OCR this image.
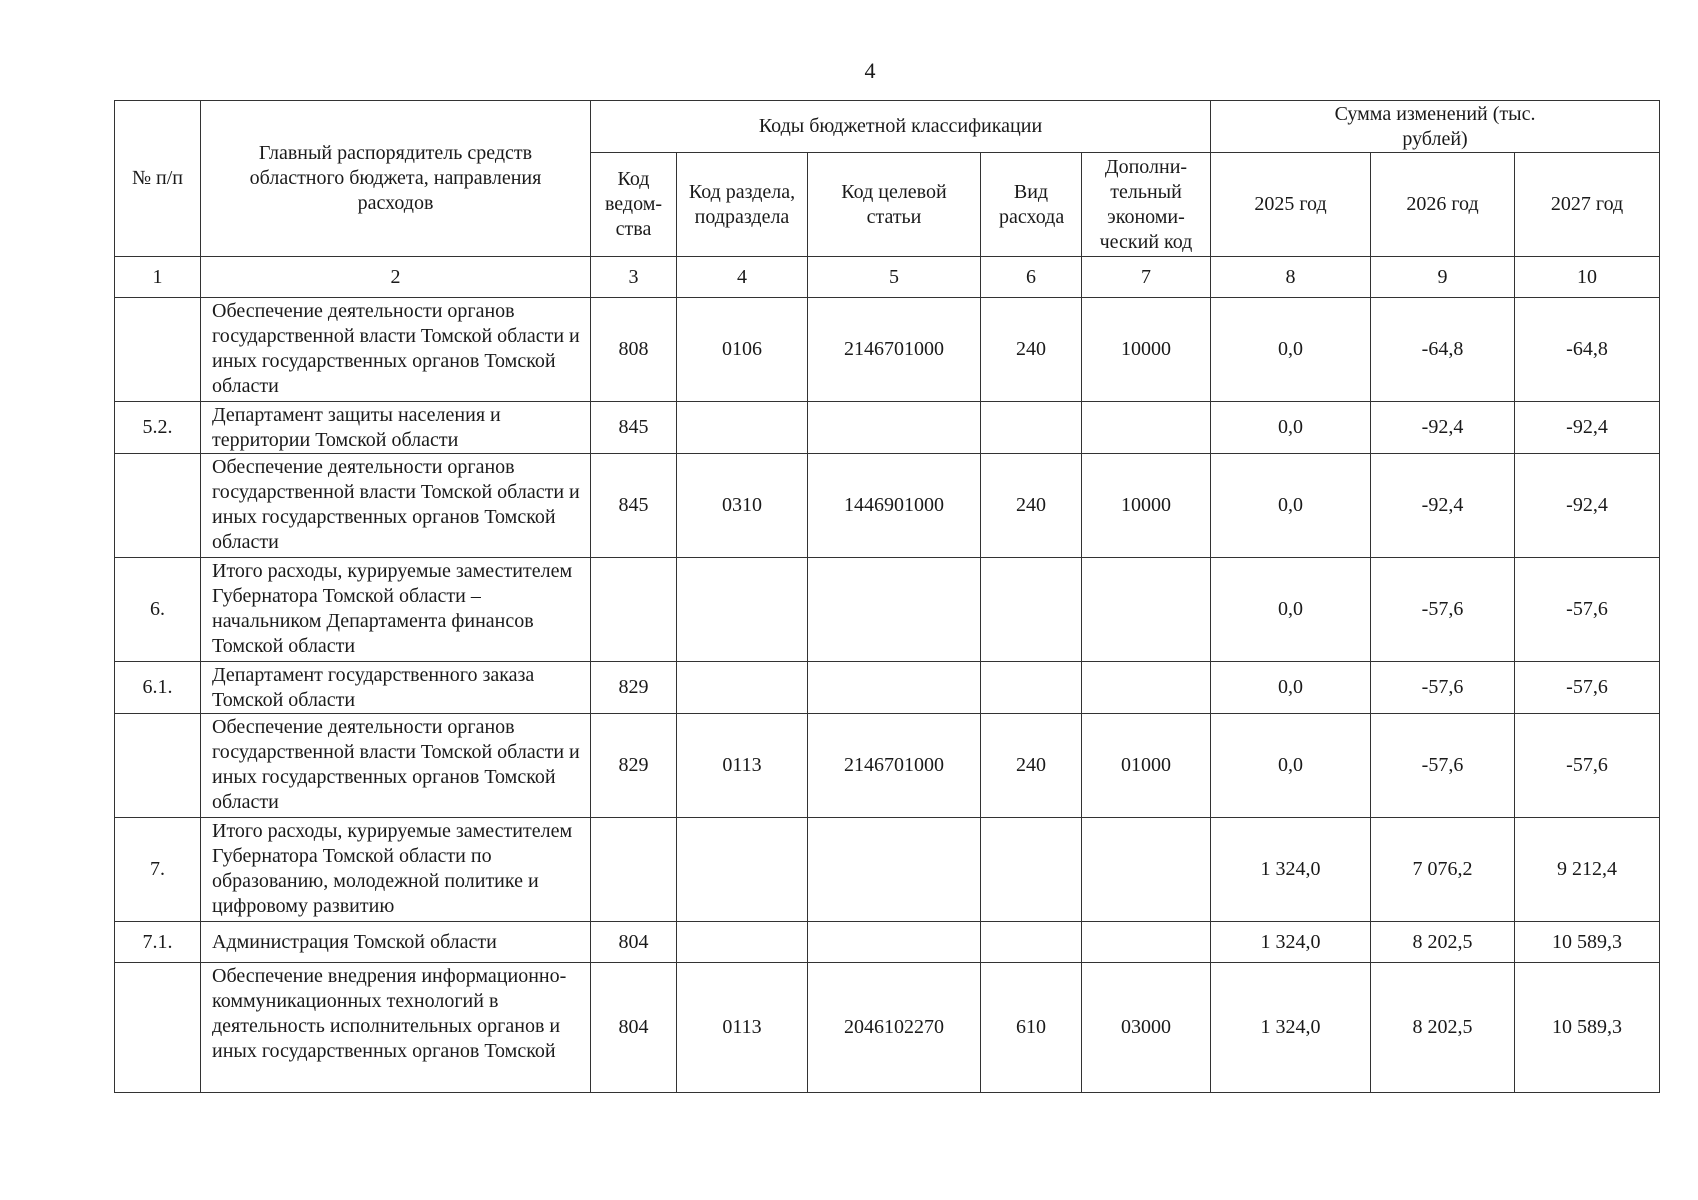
4
№ п/п	Главный распорядитель средств областного бюджета, направления расходов	Коды бюджетной классификации					Сумма изменений (тыс. рублей)		
		Код ведом-ства	Код раздела, подраздела	Код целевой статьи	Вид расхода	Дополни-тельный экономи-ческий код	2025 год	2026 год	2027 год
1	2	3	4	5	6	7	8	9	10
	Обеспечение деятельности органов государственной власти Томской области и иных государственных органов Томской области	808	0106	2146701000	240	10000	0,0	-64,8	-64,8
5.2.	Департамент защиты населения и территории Томской области	845					0,0	-92,4	-92,4
	Обеспечение деятельности органов государственной власти Томской области и иных государственных органов Томской области	845	0310	1446901000	240	10000	0,0	-92,4	-92,4
6.	Итого расходы, курируемые заместителем Губернатора Томской области – начальником Департамента финансов Томской области						0,0	-57,6	-57,6
6.1.	Департамент государственного заказа Томской области	829					0,0	-57,6	-57,6
	Обеспечение деятельности органов государственной власти Томской области и иных государственных органов Томской области	829	0113	2146701000	240	01000	0,0	-57,6	-57,6
7.	Итого расходы, курируемые заместителем Губернатора Томской области по образованию, молодежной политике и цифровому развитию						1 324,0	7 076,2	9 212,4
7.1.	Администрация Томской области	804					1 324,0	8 202,5	10 589,3
	Обеспечение внедрения информационно-коммуникационных технологий в деятельность исполнительных органов и иных государственных органов Томской	804	0113	2046102270	610	03000	1 324,0	8 202,5	10 589,3
